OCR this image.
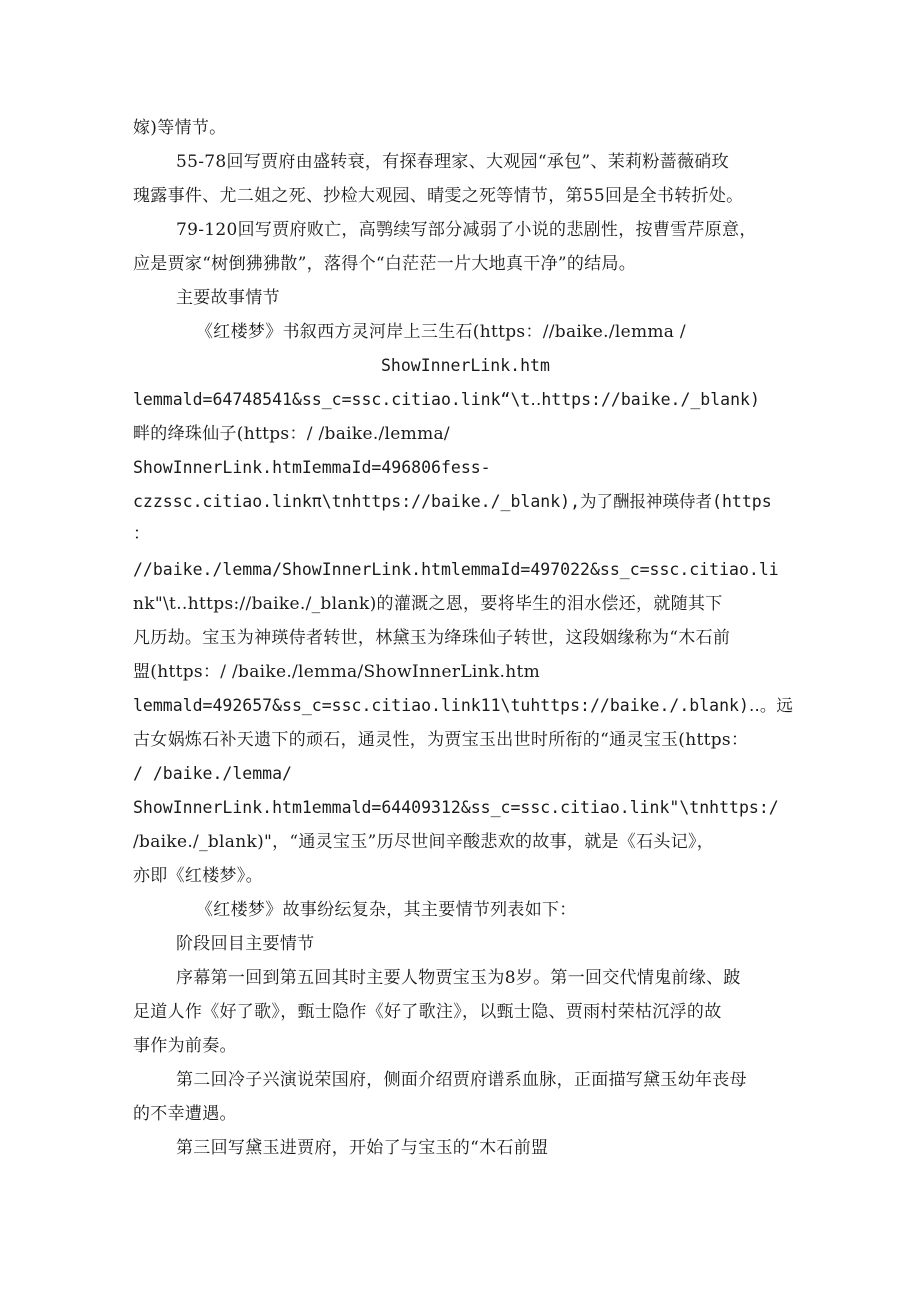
嫁)等情节。
55-78回写贾府由盛转衰，有探春理家、大观园“承包”、茉莉粉蔷薇硝玫
瑰露事件、尤二姐之死、抄检大观园、晴雯之死等情节，第55回是全书转折处。
79-120回写贾府败亡，高鹗续写部分减弱了小说的悲剧性，按曹雪芹原意，
应是贾家“树倒狒狒散”，落得个“白茫茫一片大地真干净”的结局。
主要故事情节
《红楼梦》书叙西方灵河岸上三生石(https：//baike./lemma /
ShowInnerLink.htm
lemmald=64748541&ss_c=ssc.citiao.link“\t‥https://baike./_blank)
畔的绛珠仙子(https：/ /baike./lemma/
ShowInnerLink.htmIemmaId=496806fess-
czzssc.citiao.linkπ\tnhttps://baike./_blank),为了酬报神瑛侍者(https
：
//baike./lemma/ShowInnerLink.htmlemmaId=497022&ss_c=ssc.citiao.li
nk"\t‥https://baike./_blank)的灌溉之恩，要将毕生的泪水偿还，就随其下
凡历劫。宝玉为神瑛侍者转世，林黛玉为绛珠仙子转世，这段姻缘称为“木石前
盟(https：/ /baike./lemma/ShowInnerLink.htm
lemmald=492657&ss_c=ssc.citiao.link11\tuhttps://baike./.blank)‥。远
古女娲炼石补天遗下的顽石，通灵性，为贾宝玉出世时所衔的“通灵宝玉(https：
/ /baike./lemma/
ShowInnerLink.htm1emmald=64409312&ss_c=ssc.citiao.link"\tnhttps:/
/baike./_blank)"，“通灵宝玉”历尽世间辛酸悲欢的故事，就是《石头记》，
亦即《红楼梦》。
《红楼梦》故事纷纭复杂，其主要情节列表如下：
阶段回目主要情节
序幕第一回到第五回其时主要人物贾宝玉为8岁。第一回交代情鬼前缘、跛
足道人作《好了歌》，甄士隐作《好了歌注》，以甄士隐、贾雨村荣枯沉浮的故
事作为前奏。
第二回冷子兴演说荣国府，侧面介绍贾府谱系血脉，正面描写黛玉幼年丧母
的不幸遭遇。
第三回写黛玉进贾府，开始了与宝玉的“木石前盟
